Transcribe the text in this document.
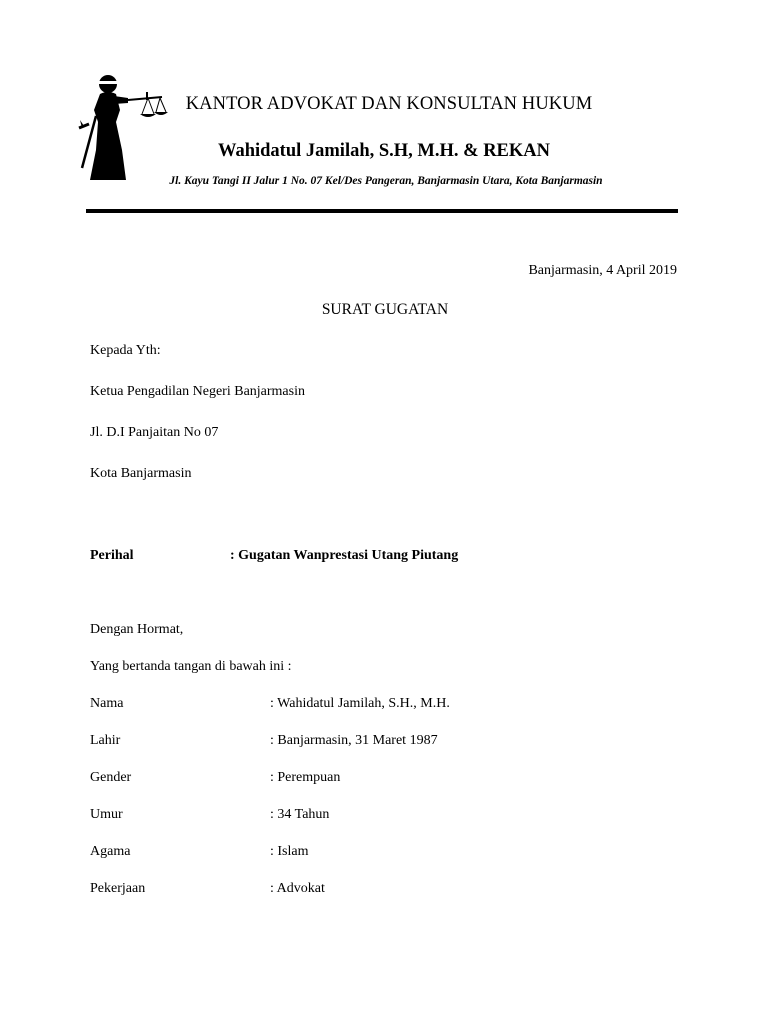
KANTOR ADVOKAT DAN KONSULTAN HUKUM
Wahidatul Jamilah, S.H, M.H. & REKAN
Jl. Kayu Tangi II Jalur 1 No. 07 Kel/Des Pangeran, Banjarmasin Utara, Kota Banjarmasin
Banjarmasin, 4 April 2019
SURAT GUGATAN
Kepada Yth:
Ketua Pengadilan Negeri Banjarmasin
Jl. D.I Panjaitan No 07
Kota Banjarmasin
Perihal	: Gugatan Wanprestasi Utang Piutang
Dengan Hormat,
Yang bertanda tangan di bawah ini :
Nama	: Wahidatul Jamilah, S.H., M.H.
Lahir	: Banjarmasin, 31 Maret 1987
Gender	: Perempuan
Umur	: 34 Tahun
Agama	: Islam
Pekerjaan	: Advokat
